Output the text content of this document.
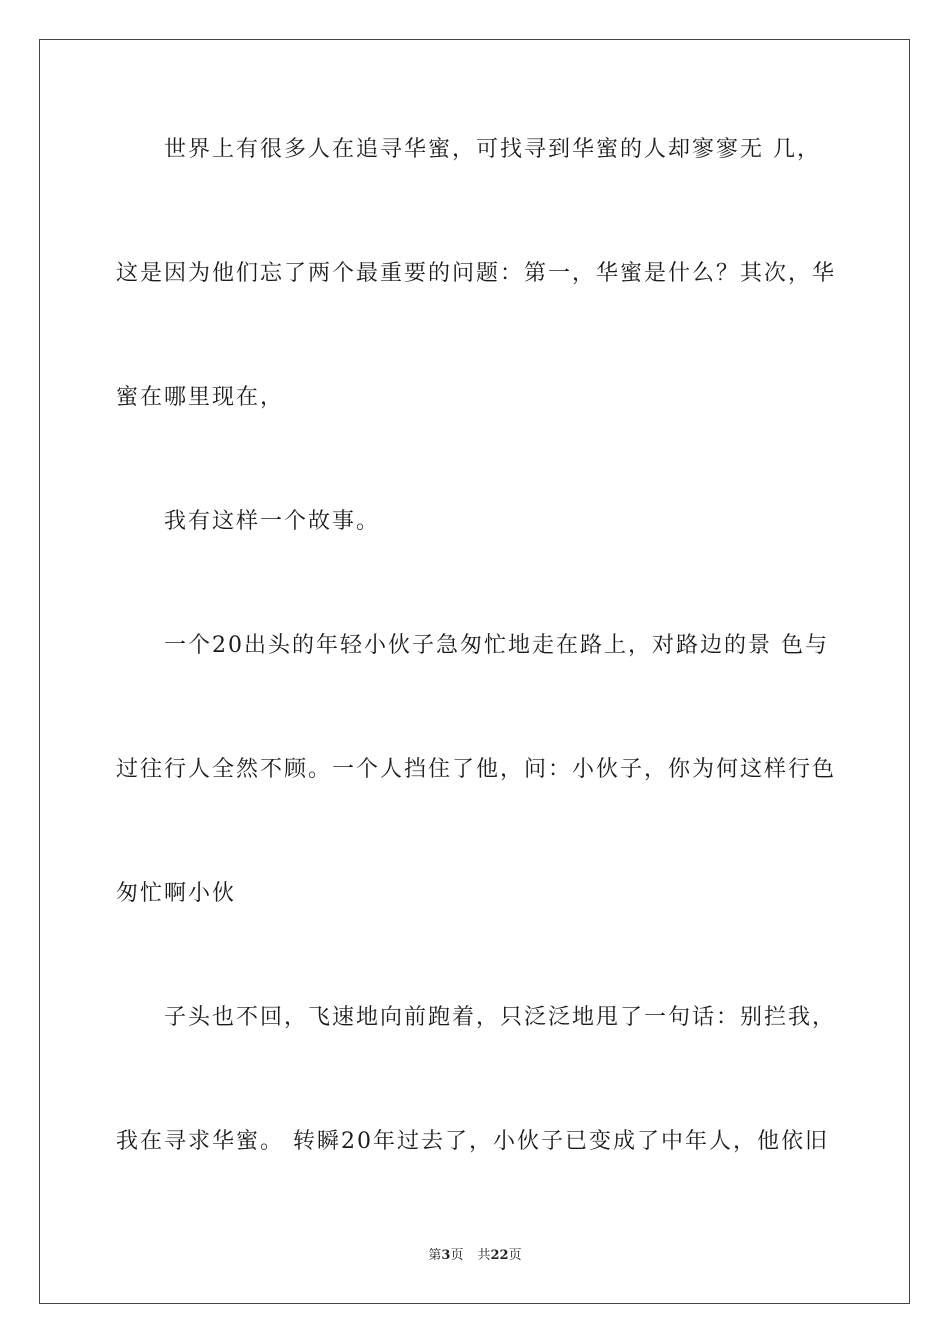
世界上有很多人在追寻华蜜，可找寻到华蜜的人却寥寥无 几，
这是因为他们忘了两个最重要的问题：第一，华蜜是什么？其次，华
蜜在哪里现在，
我有这样一个故事。
一个20出头的年轻小伙子急匆忙地走在路上，对路边的景 色与
过往行人全然不顾。一个人挡住了他，问：小伙子，你为何这样行色
匆忙啊小伙
子头也不回，飞速地向前跑着，只泛泛地甩了一句话：别拦我，
我在寻求华蜜。 转瞬20年过去了，小伙子已变成了中年人，他依旧
第3页 共22页
